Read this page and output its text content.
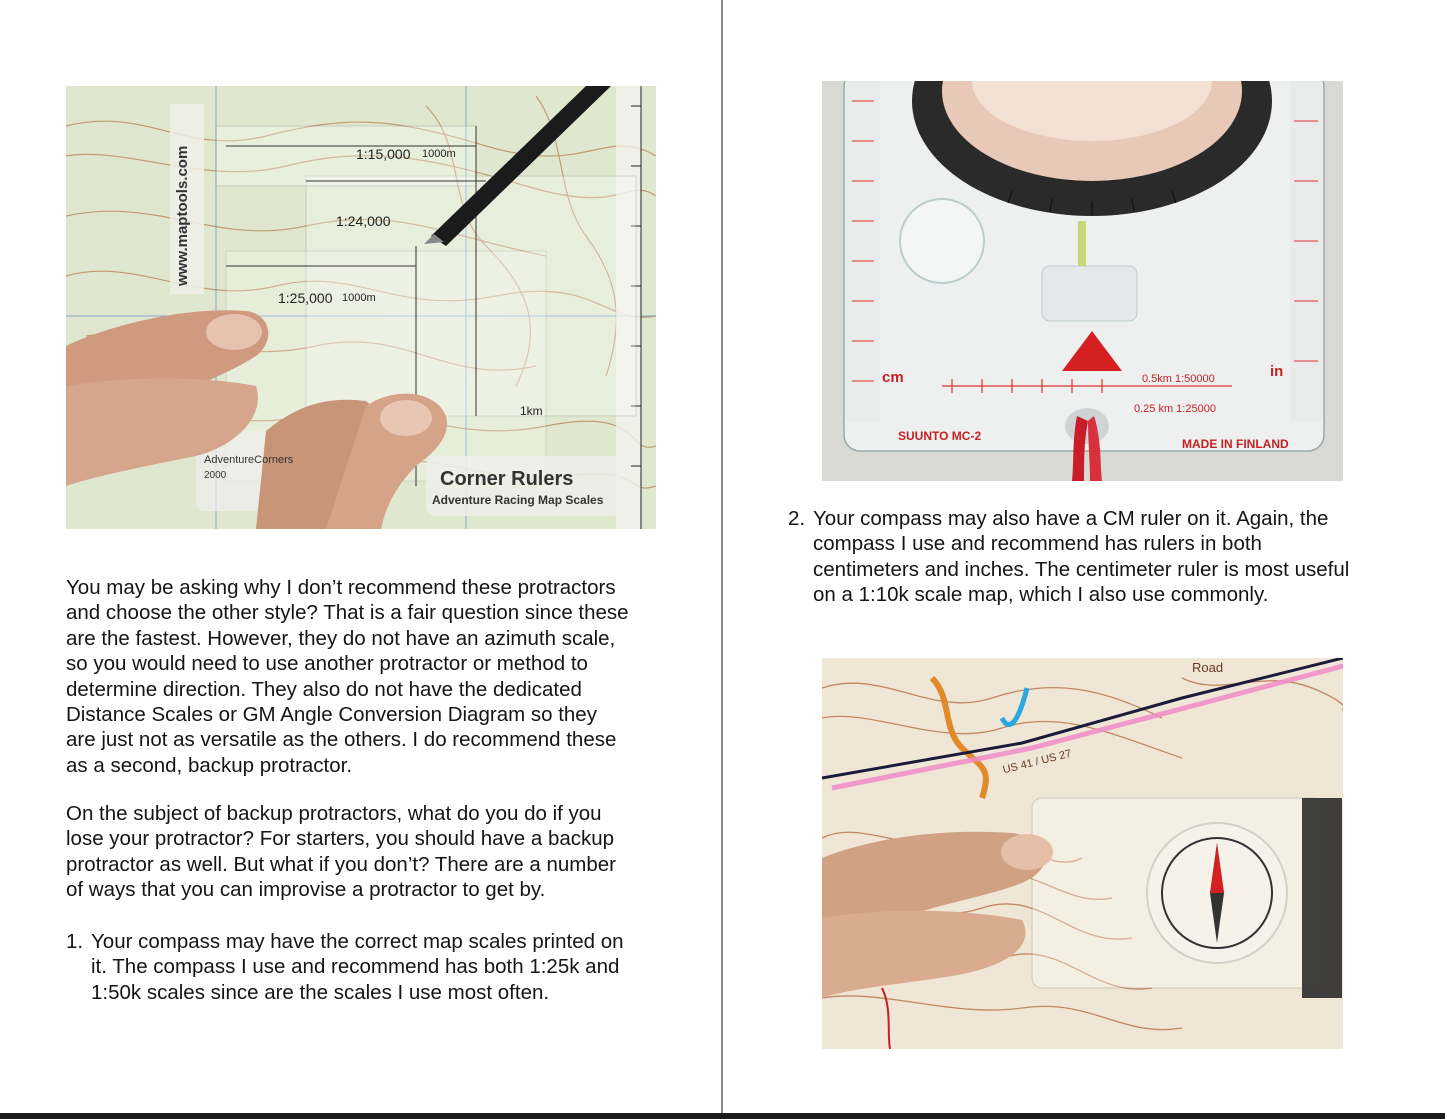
www.maptools.com	1:15,000 1000m
1:24,000
1:25,000 1000m
1km
Corner Rulers
Adventure Racing Map Scales
AdventureCorners
2000

You may be asking why I don’t recommend these protractors
and choose the other style? That is a fair question since these
are the fastest. However, they do not have an azimuth scale,
so you would need to use another protractor or method to
determine direction. They also do not have the dedicated
Distance Scales or GM Angle Conversion Diagram so they
are just not as versatile as the others. I do recommend these
as a second, backup protractor.

On the subject of backup protractors, what do you do if you
lose your protractor? For starters, you should have a backup
protractor as well. But what if you don’t? There are a number
of ways that you can improvise a protractor to get by.

1. Your compass may have the correct map scales printed on
it. The compass I use and recommend has both 1:25k and
1:50k scales since are the scales I use most often.
SUUNTO MC-2
MADE IN FINLAND
0.5km 1:50000
0.25 km 1:25000
cm	in
2. Your compass may also have a CM ruler on it. Again, the
compass I use and recommend has rulers in both
centimeters and inches. The centimeter ruler is most useful
on a 1:10k scale map, which I also use commonly.
Road
US 41 / US 27
